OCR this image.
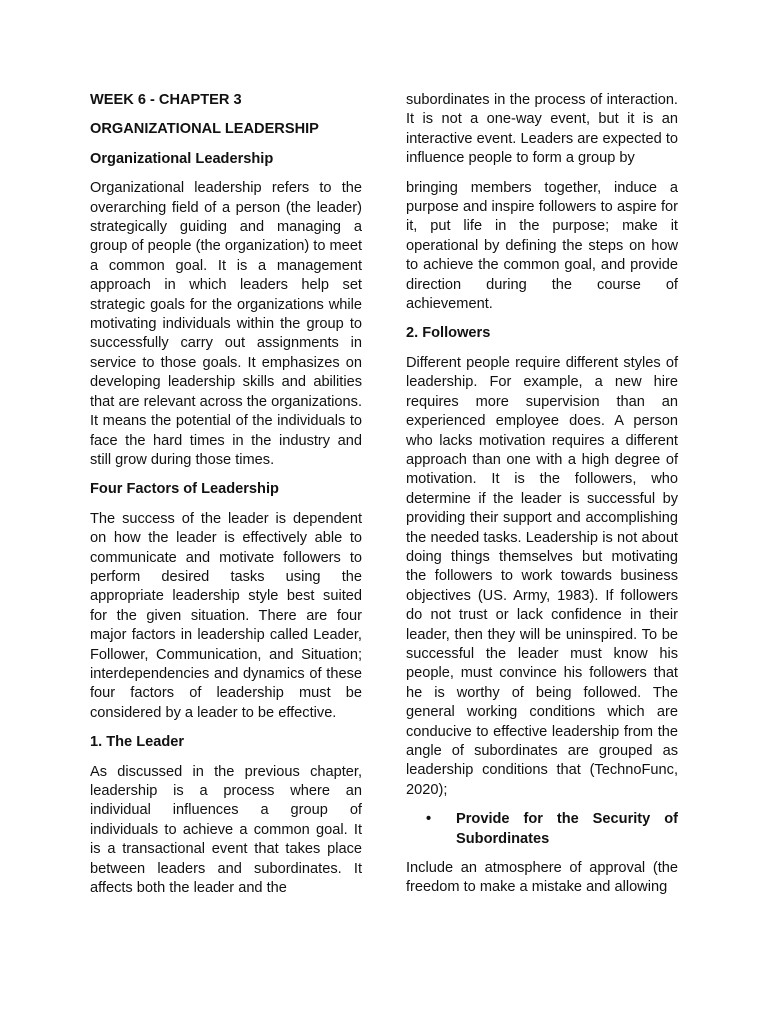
WEEK 6 - CHAPTER 3
ORGANIZATIONAL LEADERSHIP
Organizational Leadership

Organizational leadership refers to the overarching field of a person (the leader) strategically guiding and managing a group of people (the organization) to meet a common goal. It is a management approach in which leaders help set strategic goals for the organizations while motivating individuals within the group to successfully carry out assignments in service to those goals. It emphasizes on developing leadership skills and abilities that are relevant across the organizations. It means the potential of the individuals to face the hard times in the industry and still grow during those times.

Four Factors of Leadership

The success of the leader is dependent on how the leader is effectively able to communicate and motivate followers to perform desired tasks using the appropriate leadership style best suited for the given situation. There are four major factors in leadership called Leader, Follower, Communication, and Situation; interdependencies and dynamics of these four factors of leadership must be considered by a leader to be effective.

1. The Leader

As discussed in the previous chapter, leadership is a process where an individual influences a group of individuals to achieve a common goal. It is a transactional event that takes place between leaders and subordinates. It affects both the leader and the

subordinates in the process of interaction. It is not a one-way event, but it is an interactive event. Leaders are expected to influence people to form a group by

bringing members together, induce a purpose and inspire followers to aspire for it, put life in the purpose; make it operational by defining the steps on how to achieve the common goal, and provide direction during the course of achievement.

2. Followers

Different people require different styles of leadership. For example, a new hire requires more supervision than an experienced employee does. A person who lacks motivation requires a different approach than one with a high degree of motivation. It is the followers, who determine if the leader is successful by providing their support and accomplishing the needed tasks. Leadership is not about doing things themselves but motivating the followers to work towards business objectives (US. Army, 1983). If followers do not trust or lack confidence in their leader, then they will be uninspired. To be successful the leader must know his people, must convince his followers that he is worthy of being followed. The general working conditions which are conducive to effective leadership from the angle of subordinates are grouped as leadership conditions that (TechnoFunc, 2020);

•	Provide for the Security of Subordinates

Include an atmosphere of approval (the freedom to make a mistake and allowing
